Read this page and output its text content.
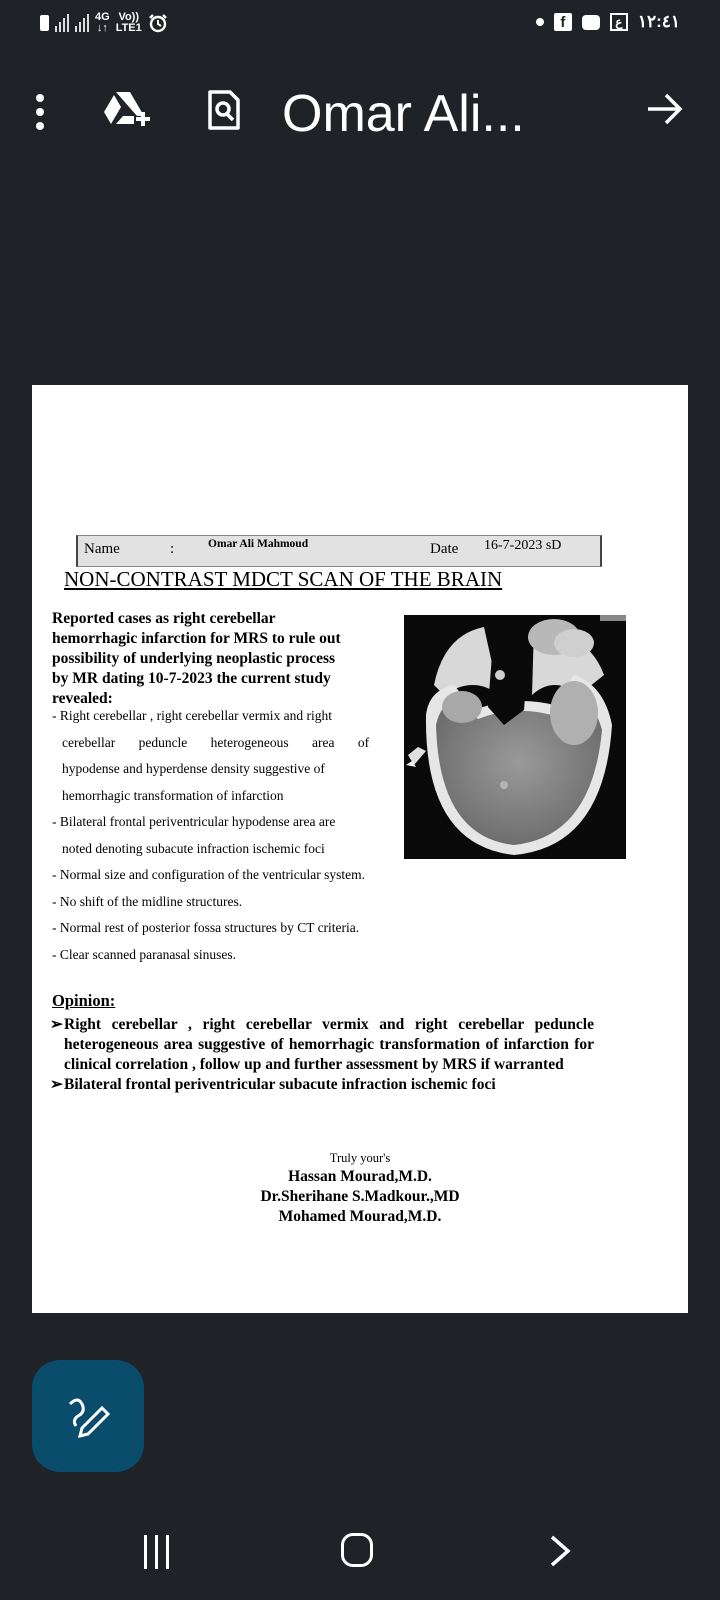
4G
↓↑
Vo))
LTE1	f	ع ١٢:٤١
Omar Ali...
Name	:	Omar Ali Mahmoud	Date 16-7-2023 sD
NON-CONTRAST MDCT SCAN OF THE BRAIN
Reported cases as right cerebellar
hemorrhagic infarction for MRS to rule out
possibility of underlying neoplastic process
by MR dating 10-7-2023 the current study
revealed:
- Right cerebellar , right cerebellar vermix and right
cerebellar peduncle heterogeneous area of
hypodense and hyperdense density suggestive of
hemorrhagic transformation of infarction
- Bilateral frontal periventricular hypodense area are
noted denoting subacute infraction ischemic foci
- Normal size and configuration of the ventricular system.
- No shift of the midline structures.
- Normal rest of posterior fossa structures by CT criteria.
- Clear scanned paranasal sinuses.
Opinion:
➢ Right cerebellar , right cerebellar vermix and right cerebellar peduncle heterogeneous area suggestive of hemorrhagic transformation of infarction for clinical correlation , follow up and further assessment by MRS if warranted
➢ Bilateral frontal periventricular subacute infraction ischemic foci
Truly your's
Hassan Mourad,M.D.
Dr.Sherihane S.Madkour.,MD
Mohamed Mourad,M.D.
